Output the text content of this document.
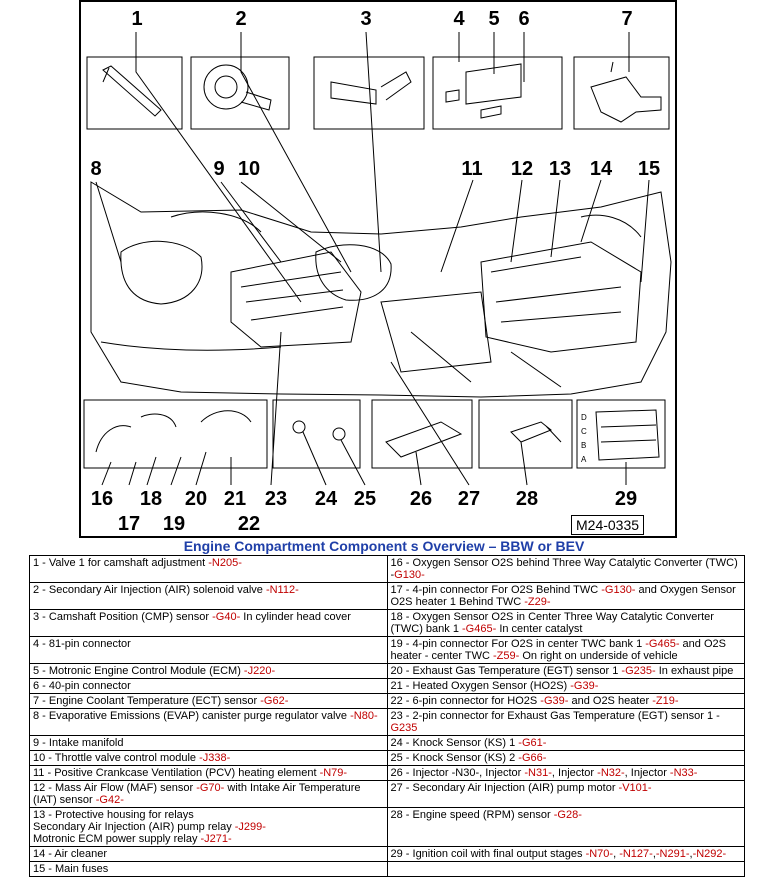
D
C
B
A
1	2	3	4	5 6	7
8	9 10	11	12 13 14	15
16
17
18
19
20 21
22
23	24 25	26	27	28	29
M24-0335
Engine Compartment Component s Overview – BBW or BEV
1 - Valve 1 for camshaft adjustment -N205-	16 - Oxygen Sensor O2S behind Three Way Catalytic Converter (TWC) -G130-
2 - Secondary Air Injection (AIR) solenoid valve -N112-	17 - 4-pin connector For O2S Behind TWC -G130- and Oxygen Sensor O2S heater 1 Behind TWC -Z29-
3 - Camshaft Position (CMP) sensor -G40- In cylinder head cover	18 - Oxygen Sensor O2S in Center Three Way Catalytic Converter (TWC) bank 1 -G465- In center catalyst
4 - 81-pin connector	19 - 4-pin connector For O2S in center TWC bank 1 -G465- and O2S heater - center TWC -Z59- On right on underside of vehicle
5 - Motronic Engine Control Module (ECM) -J220-	20 - Exhaust Gas Temperature (EGT) sensor 1 -G235- In exhaust pipe
6 - 40-pin connector	21 - Heated Oxygen Sensor (HO2S) -G39-
7 - Engine Coolant Temperature (ECT) sensor -G62-	22 - 6-pin connector for HO2S -G39- and O2S heater -Z19-
8 - Evaporative Emissions (EVAP) canister purge regulator valve -N80-	23 - 2-pin connector for Exhaust Gas Temperature (EGT) sensor 1 -G235
9 - Intake manifold	24 - Knock Sensor (KS) 1 -G61-
10 - Throttle valve control module -J338-	25 - Knock Sensor (KS) 2 -G66-
11 - Positive Crankcase Ventilation (PCV) heating element -N79-	26 - Injector -N30-, Injector -N31-, Injector -N32-, Injector -N33-
12 - Mass Air Flow (MAF) sensor -G70- with Intake Air Temperature (IAT) sensor -G42-	27 - Secondary Air Injection (AIR) pump motor -V101-
13 - Protective housing for relays
Secondary Air Injection (AIR) pump relay -J299-
Motronic ECM power supply relay -J271-	28 - Engine speed (RPM) sensor -G28-
14 - Air cleaner	29 - Ignition coil with final output stages -N70-, -N127-,-N291-,-N292-
15 - Main fuses	
